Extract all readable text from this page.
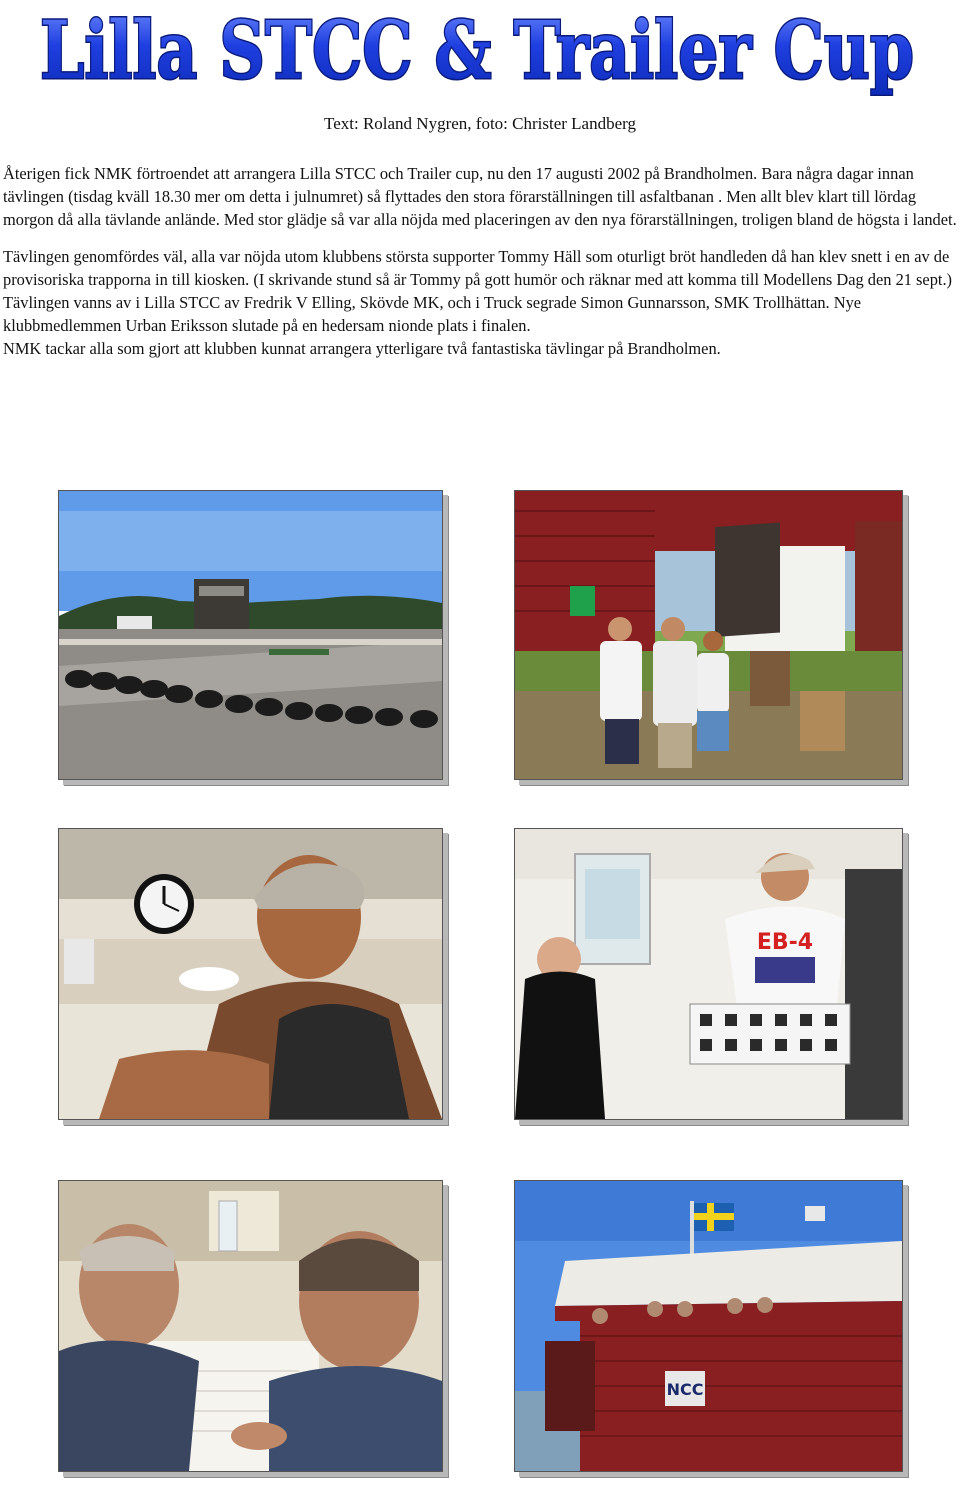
Lilla STCC & Trailer Cup
Text: Roland Nygren, foto: Christer Landberg

Återigen fick NMK förtroendet att arrangera Lilla STCC och Trailer cup, nu den 17 augusti 2002 på Brandholmen. Bara några dagar innan tävlingen (tisdag kväll 18.30 mer om detta i julnumret) så flyttades den stora förarställningen till asfaltbanan . Men allt blev klart till lördag morgon då alla tävlande anlände. Med stor glädje så var alla nöjda med placeringen av den nya förarställningen, troligen bland de högsta i landet.

Tävlingen genomfördes väl, alla var nöjda utom klubbens största supporter Tommy Häll som oturligt bröt handleden då han klev snett i en av de provisoriska trapporna in till kiosken. (I skrivande stund så är Tommy på gott humör och räknar med att komma till Modellens Dag den 21 sept.)

Tävlingen vanns av i Lilla STCC av Fredrik V Elling, Skövde MK, och i Truck segrade Simon Gunnarsson, SMK Trollhättan. Nye klubbmedlemmen Urban Eriksson slutade på en hedersam nionde plats i finalen.

NMK tackar alla som gjort att klubben kunnat arrangera ytterligare två fantastiska tävlingar på Brandholmen.

EB-4
NCC
